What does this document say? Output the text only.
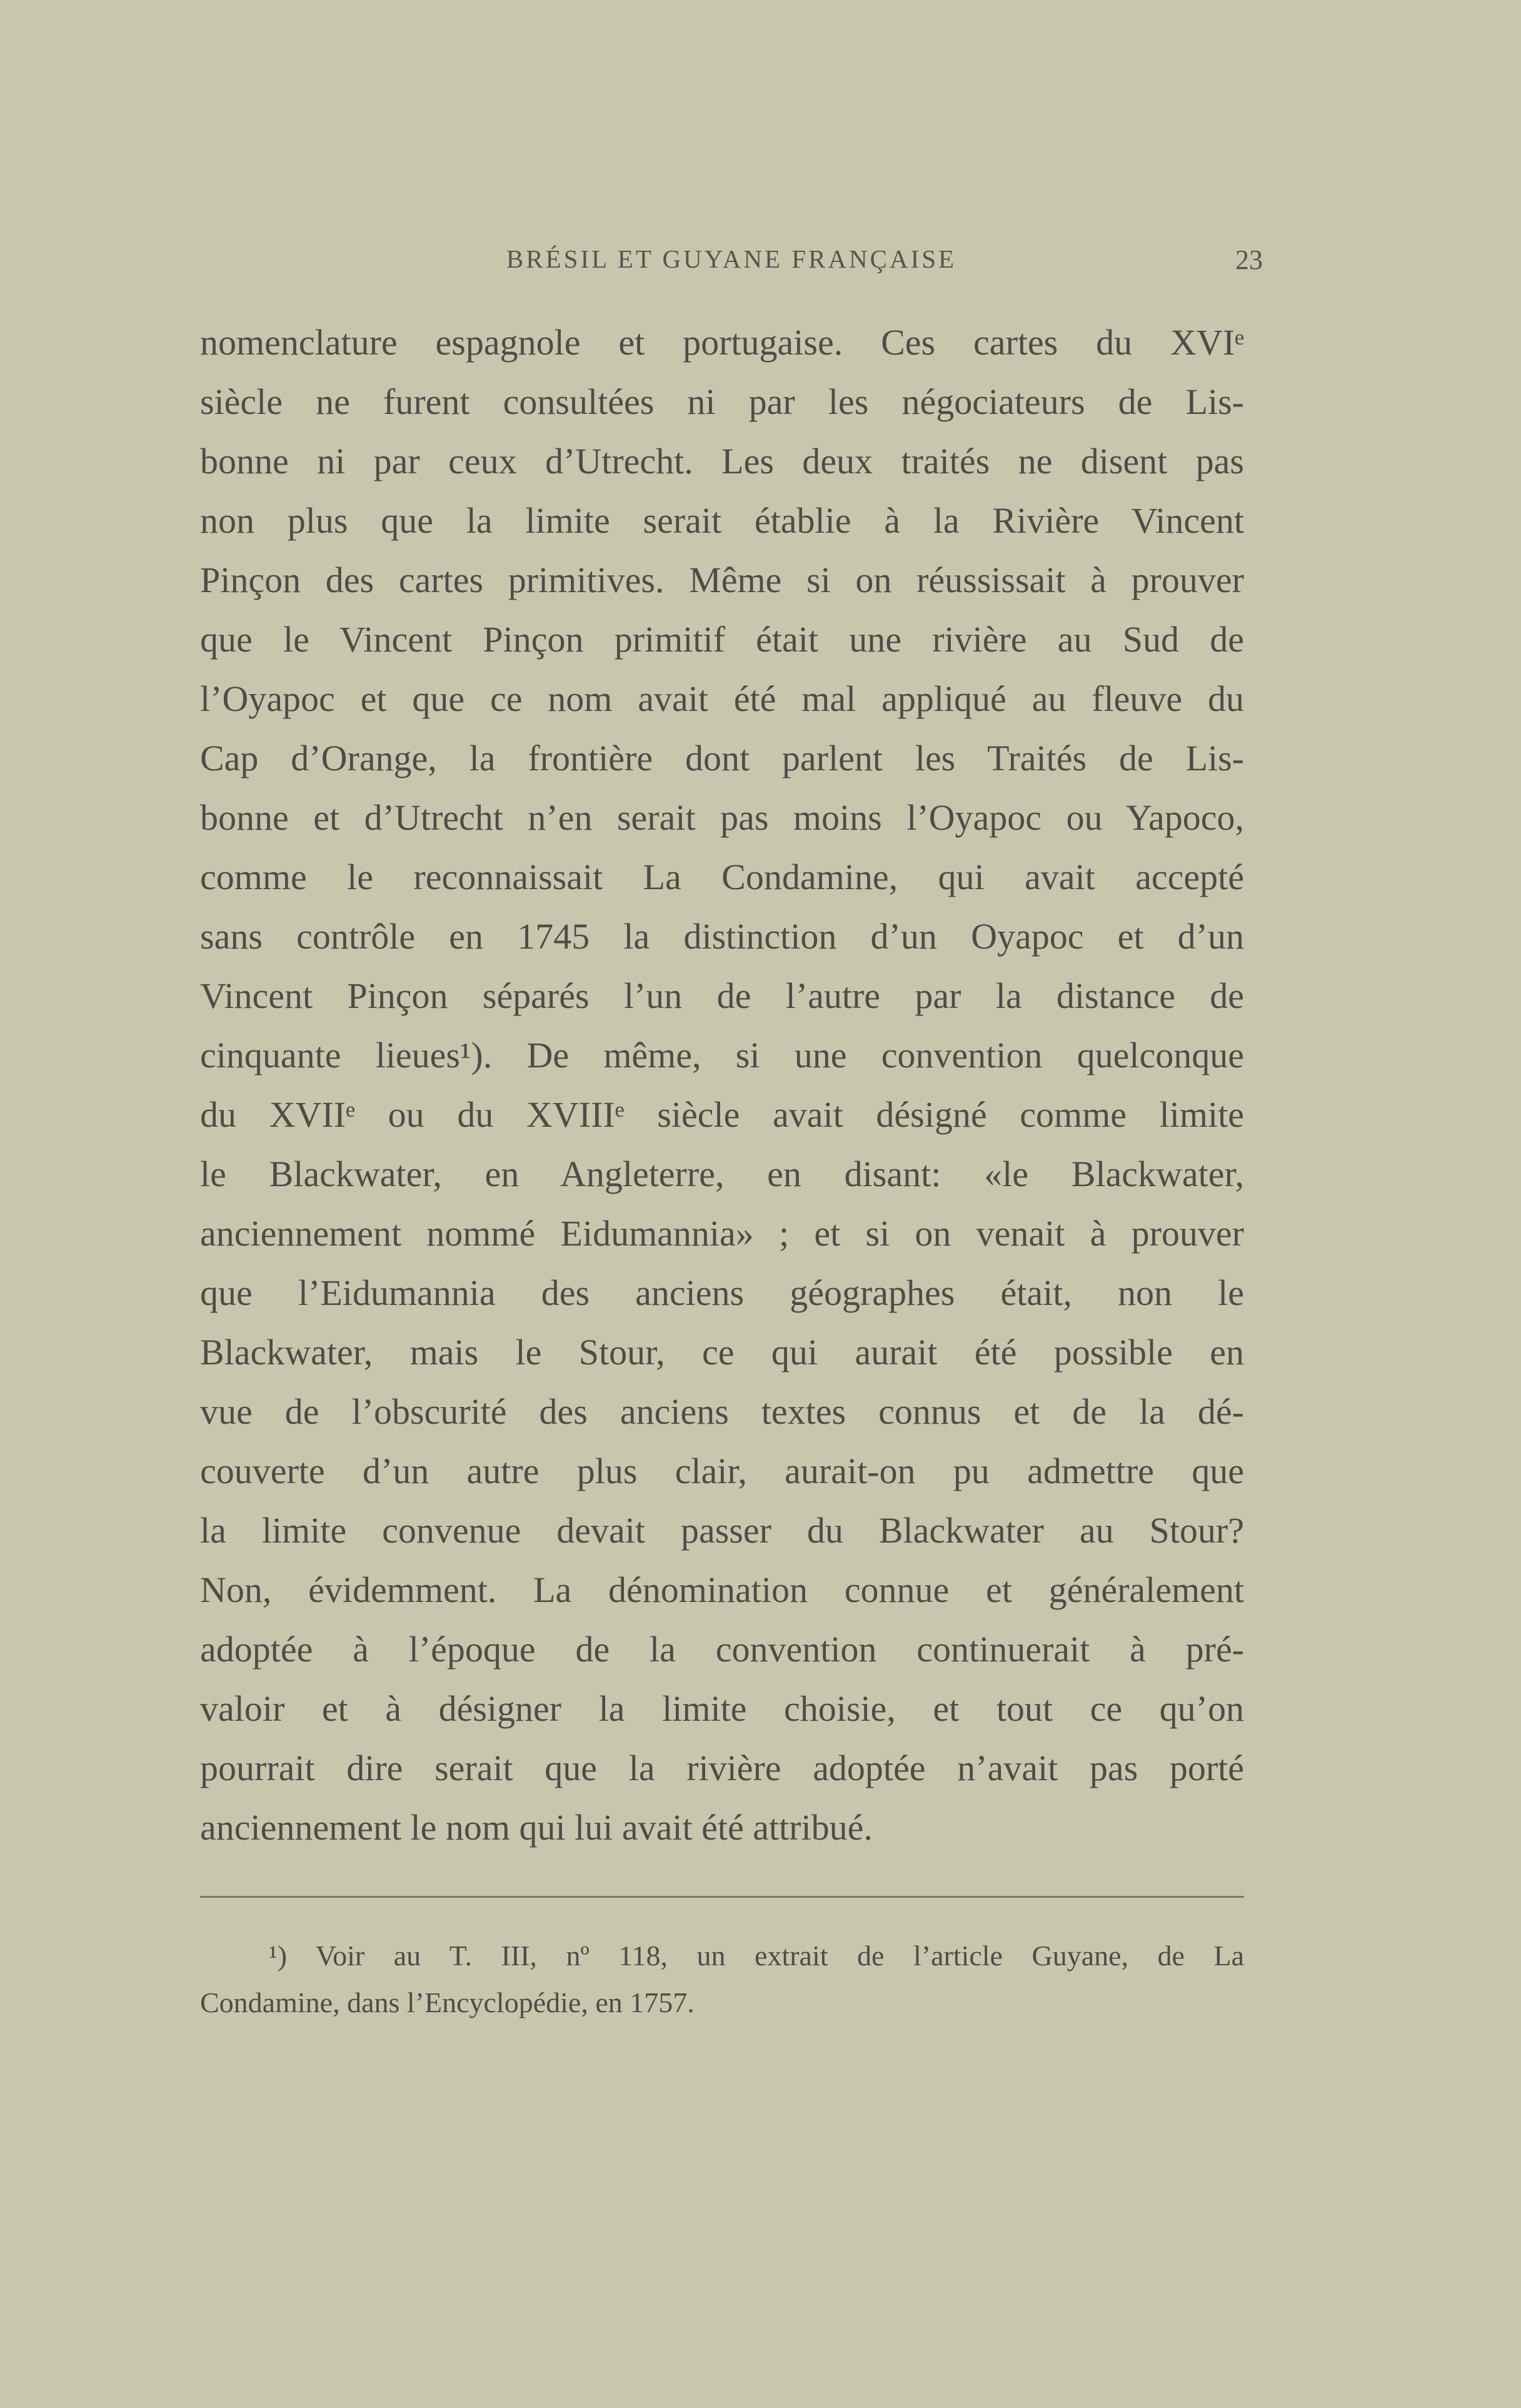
BRÉSIL ET GUYANE FRANÇAISE	23
nomenclature espagnole et portugaise. Ces cartes du XVIᵉ
siècle ne furent consultées ni par les négociateurs de Lis-
bonne ni par ceux d’Utrecht. Les deux traités ne disent pas
non plus que la limite serait établie à la Rivière Vincent
Pinçon des cartes primitives. Même si on réussissait à prouver
que le Vincent Pinçon primitif était une rivière au Sud de
l’Oyapoc et que ce nom avait été mal appliqué au fleuve du
Cap d’Orange, la frontière dont parlent les Traités de Lis-
bonne et d’Utrecht n’en serait pas moins l’Oyapoc ou Yapoco,
comme le reconnaissait La Condamine, qui avait accepté
sans contrôle en 1745 la distinction d’un Oyapoc et d’un
Vincent Pinçon séparés l’un de l’autre par la distance de
cinquante lieues¹). De même, si une convention quelconque
du XVIIᵉ ou du XVIIIᵉ siècle avait désigné comme limite
le Blackwater, en Angleterre, en disant: «le Blackwater,
anciennement nommé Eidumannia» ; et si on venait à prouver
que l’Eidumannia des anciens géographes était, non le
Blackwater, mais le Stour, ce qui aurait été possible en
vue de l’obscurité des anciens textes connus et de la dé-
couverte d’un autre plus clair, aurait-on pu admettre que
la limite convenue devait passer du Blackwater au Stour?
Non, évidemment. La dénomination connue et généralement
adoptée à l’époque de la convention continuerait à pré-
valoir et à désigner la limite choisie, et tout ce qu’on
pourrait dire serait que la rivière adoptée n’avait pas porté
anciennement le nom qui lui avait été attribué.
¹) Voir au T. III, nº 118, un extrait de l’article Guyane, de La
Condamine, dans l’Encyclopédie, en 1757.
